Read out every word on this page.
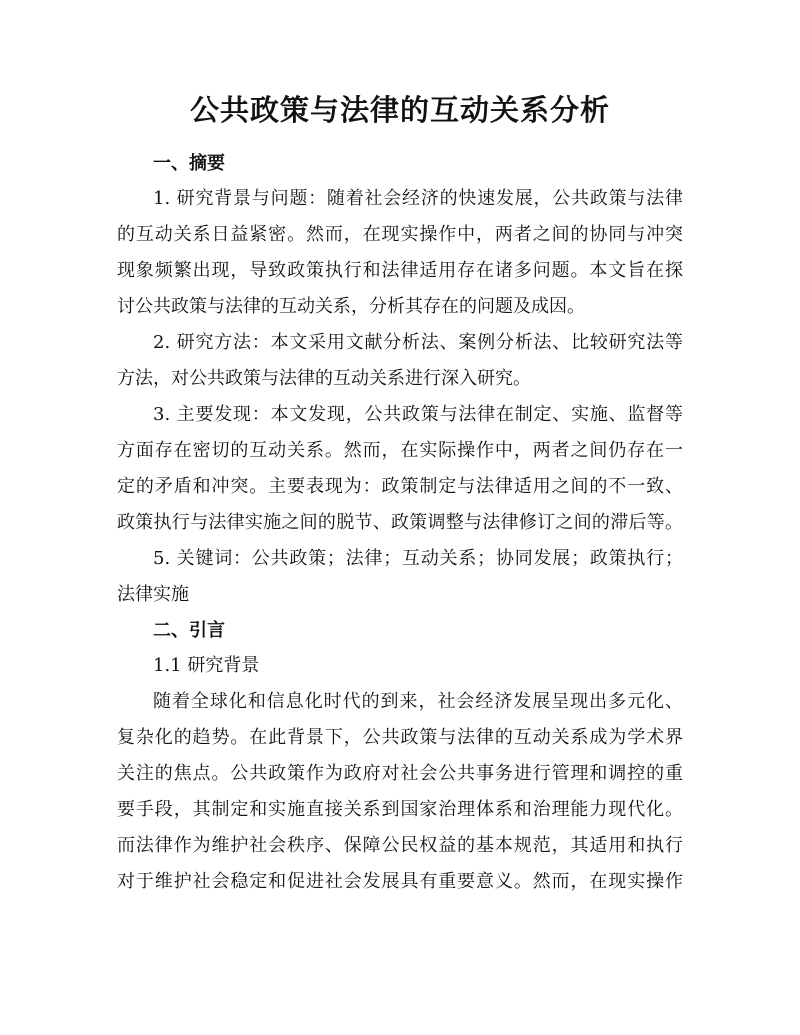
公共政策与法律的互动关系分析
一、摘要
1. 研究背景与问题：随着社会经济的快速发展，公共政策与法律
的互动关系日益紧密。然而，在现实操作中，两者之间的协同与冲突
现象频繁出现，导致政策执行和法律适用存在诸多问题。本文旨在探
讨公共政策与法律的互动关系，分析其存在的问题及成因。
2. 研究方法：本文采用文献分析法、案例分析法、比较研究法等
方法，对公共政策与法律的互动关系进行深入研究。
3. 主要发现：本文发现，公共政策与法律在制定、实施、监督等
方面存在密切的互动关系。然而，在实际操作中，两者之间仍存在一
定的矛盾和冲突。主要表现为：政策制定与法律适用之间的不一致、
政策执行与法律实施之间的脱节、政策调整与法律修订之间的滞后等。
5. 关键词：公共政策；法律；互动关系；协同发展；政策执行；
法律实施
二、引言
1.1 研究背景
随着全球化和信息化时代的到来，社会经济发展呈现出多元化、
复杂化的趋势。在此背景下，公共政策与法律的互动关系成为学术界
关注的焦点。公共政策作为政府对社会公共事务进行管理和调控的重
要手段，其制定和实施直接关系到国家治理体系和治理能力现代化。
而法律作为维护社会秩序、保障公民权益的基本规范，其适用和执行
对于维护社会稳定和促进社会发展具有重要意义。然而，在现实操作
